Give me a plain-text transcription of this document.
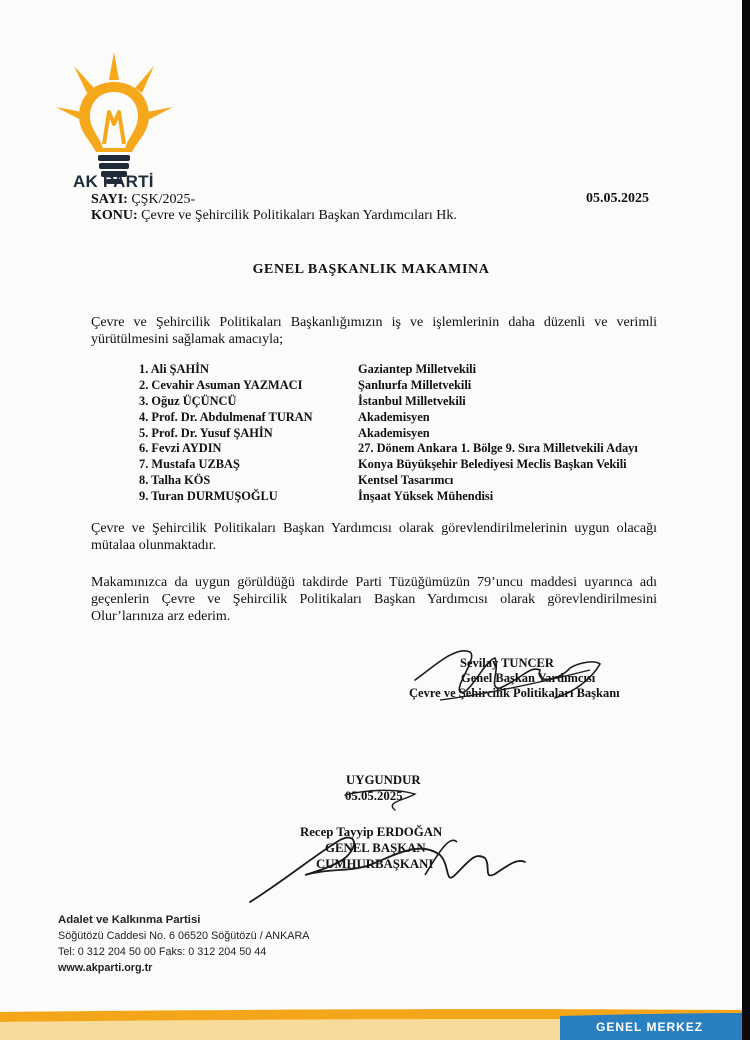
AK PARTİ
SAYI: ÇŞK/2025-
KONU: Çevre ve Şehircilik Politikaları Başkan Yardımcıları Hk.
05.05.2025
GENEL BAŞKANLIK MAKAMINA
Çevre ve Şehircilik Politikaları Başkanlığımızın iş ve işlemlerinin daha düzenli ve verimli yürütülmesini sağlamak amacıyla;
1. Ali ŞAHİN	Gaziantep Milletvekili
2. Cevahir Asuman YAZMACI	Şanlıurfa Milletvekili
3. Oğuz ÜÇÜNCÜ	İstanbul Milletvekili
4. Prof. Dr. Abdulmenaf TURAN	Akademisyen
5. Prof. Dr. Yusuf ŞAHİN	Akademisyen
6. Fevzi AYDIN	27. Dönem Ankara 1. Bölge 9. Sıra Milletvekili Adayı
7. Mustafa UZBAŞ	Konya Büyükşehir Belediyesi Meclis Başkan Vekili
8. Talha KÖS	Kentsel Tasarımcı
9. Turan DURMUŞOĞLU	İnşaat Yüksek Mühendisi
Çevre ve Şehircilik Politikaları Başkan Yardımcısı olarak görevlendirilmelerinin uygun olacağı mütalaa olunmaktadır.
Makamınızca da uygun görüldüğü takdirde Parti Tüzüğümüzün 79’uncu maddesi uyarınca adı geçenlerin Çevre ve Şehircilik Politikaları Başkan Yardımcısı olarak görevlendirilmesini Olur’larınıza arz ederim.
Sevilay TUNCER
Genel Başkan Yardımcısı
Çevre ve Şehircilik Politikaları Başkanı
UYGUNDUR
05.05.2025
Recep Tayyip ERDOĞAN
GENEL BAŞKAN
CUMHURBAŞKANI
Adalet ve Kalkınma Partisi
Söğütözü Caddesi No. 6 06520 Söğütözü / ANKARA
Tel: 0 312 204 50 00 Faks: 0 312 204 50 44
www.akparti.org.tr
GENEL MERKEZ
